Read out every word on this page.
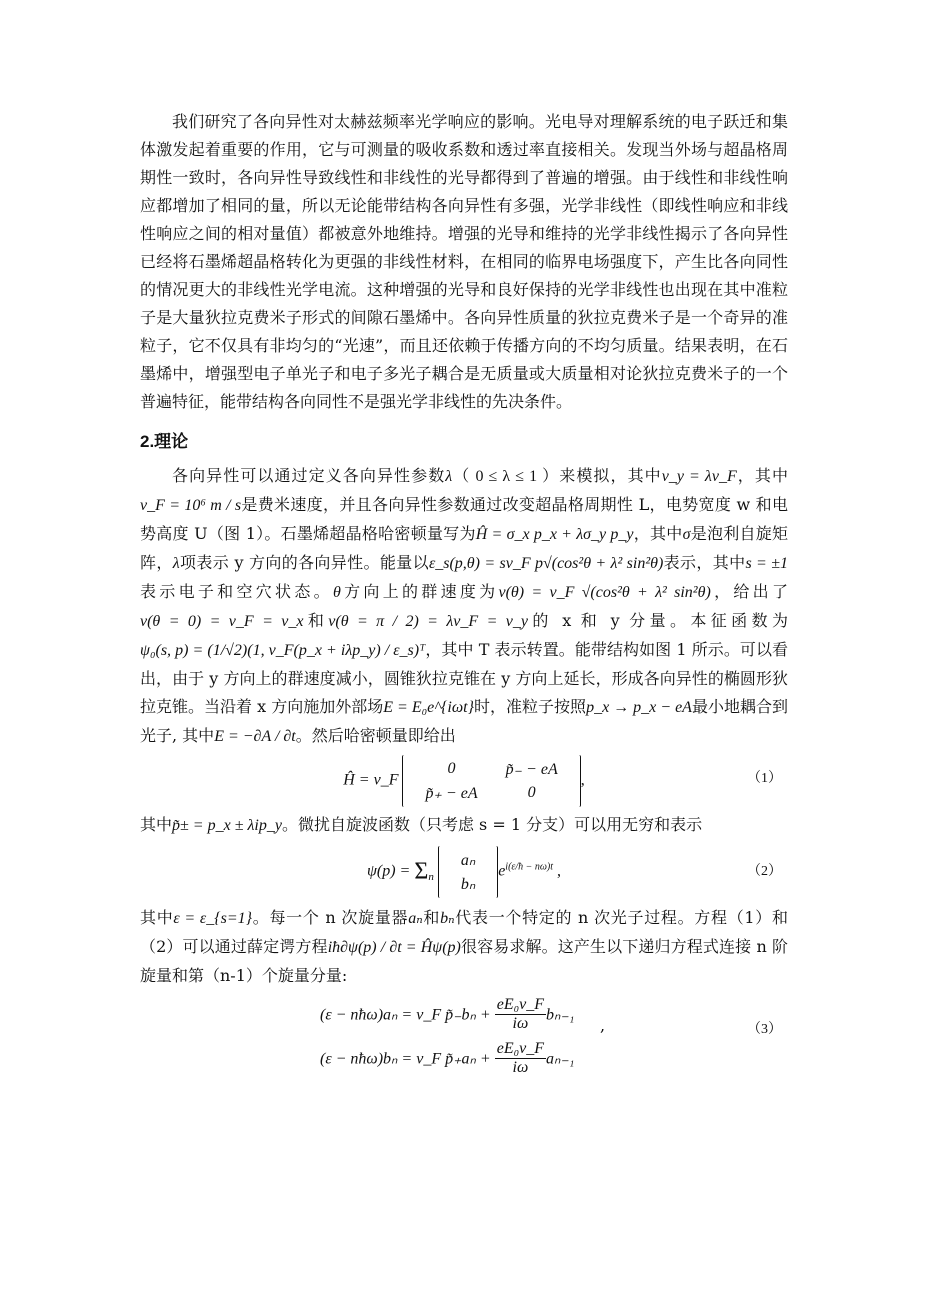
我们研究了各向异性对太赫兹频率光学响应的影响。光电导对理解系统的电子跃迁和集体激发起着重要的作用，它与可测量的吸收系数和透过率直接相关。发现当外场与超晶格周期性一致时，各向异性导致线性和非线性的光导都得到了普遍的增强。由于线性和非线性响应都增加了相同的量，所以无论能带结构各向异性有多强，光学非线性（即线性响应和非线性响应之间的相对量值）都被意外地维持。增强的光导和维持的光学非线性揭示了各向异性已经将石墨烯超晶格转化为更强的非线性材料，在相同的临界电场强度下，产生比各向同性的情况更大的非线性光学电流。这种增强的光导和良好保持的光学非线性也出现在其中准粒子是大量狄拉克费米子形式的间隙石墨烯中。各向异性质量的狄拉克费米子是一个奇异的准粒子，它不仅具有非均匀的“光速”，而且还依赖于传播方向的不均匀质量。结果表明，在石墨烯中，增强型电子单光子和电子多光子耦合是无质量或大质量相对论狄拉克费米子的一个普遍特征，能带结构各向同性不是强光学非线性的先决条件。

2.理论

各向异性可以通过定义各向异性参数λ（ 0 ≤ λ ≤ 1 ）来模拟，其中v_y = λv_F，其中v_F = 10⁶ m / s是费米速度，并且各向异性参数通过改变超晶格周期性 L，电势宽度 w 和电势高度 U（图 1）。石墨烯超晶格哈密顿量写为Ĥ = σ_x p_x + λσ_y p_y，其中σ是泡利自旋矩阵，λ项表示 y 方向的各向异性。能量以ε_s(p,θ) = sv_F p√(cos²θ + λ² sin²θ)表示，其中s = ±1表示电子和空穴状态。θ方向上的群速度为v(θ) = v_F √(cos²θ + λ² sin²θ)，给出了v(θ = 0) = v_F = v_x和v(θ = π / 2) = λv_F = v_y的 x 和 y 分量。本征函数为ψ₀(s, p) = (1/√2)(1, v_F(p_x + iλp_y) / ε_s)ᵀ，其中 T 表示转置。能带结构如图 1 所示。可以看出，由于 y 方向上的群速度减小，圆锥狄拉克锥在 y 方向上延长，形成各向异性的椭圆形狄拉克锥。当沿着 x 方向施加外部场E = E₀e^{iωt}时，准粒子按照p_x → p_x − eA最小地耦合到光子, 其中E = −∂A / ∂t。然后哈密顿量即给出

Ĥ = v_F
0	p̃₋ − eA
p̃₊ − eA	0
,	（1）

其中p̃± = p_x ± λip_y。微扰自旋波函数（只考虑 s = 1 分支）可以用无穷和表示

$\psi(p) = \Sigma_n$
aₙ
bₙ
$e^{i(\varepsilon/ħ - n\omega)t}$ ,	（2）

其中ε = ε_{s=1}。每一个 n 次旋量器aₙ和bₙ代表一个特定的 n 次光子过程。方程（1）和（2）可以通过薛定谔方程iħ∂ψ(p) / ∂t = Ĥψ(p)很容易求解。这产生以下递归方程式连接 n 阶旋量和第（n-1）个旋量分量:

(ε − nħω)aₙ = v_F p̃₋bₙ + $\frac{\text{eE₀v\_F}}{i\omega} b_{n-1}$
(ε − nħω)bₙ = v_F p̃₊aₙ + $\frac{\text{eE₀v\_F}}{i\omega} a_{n-1}$
,	（3）
